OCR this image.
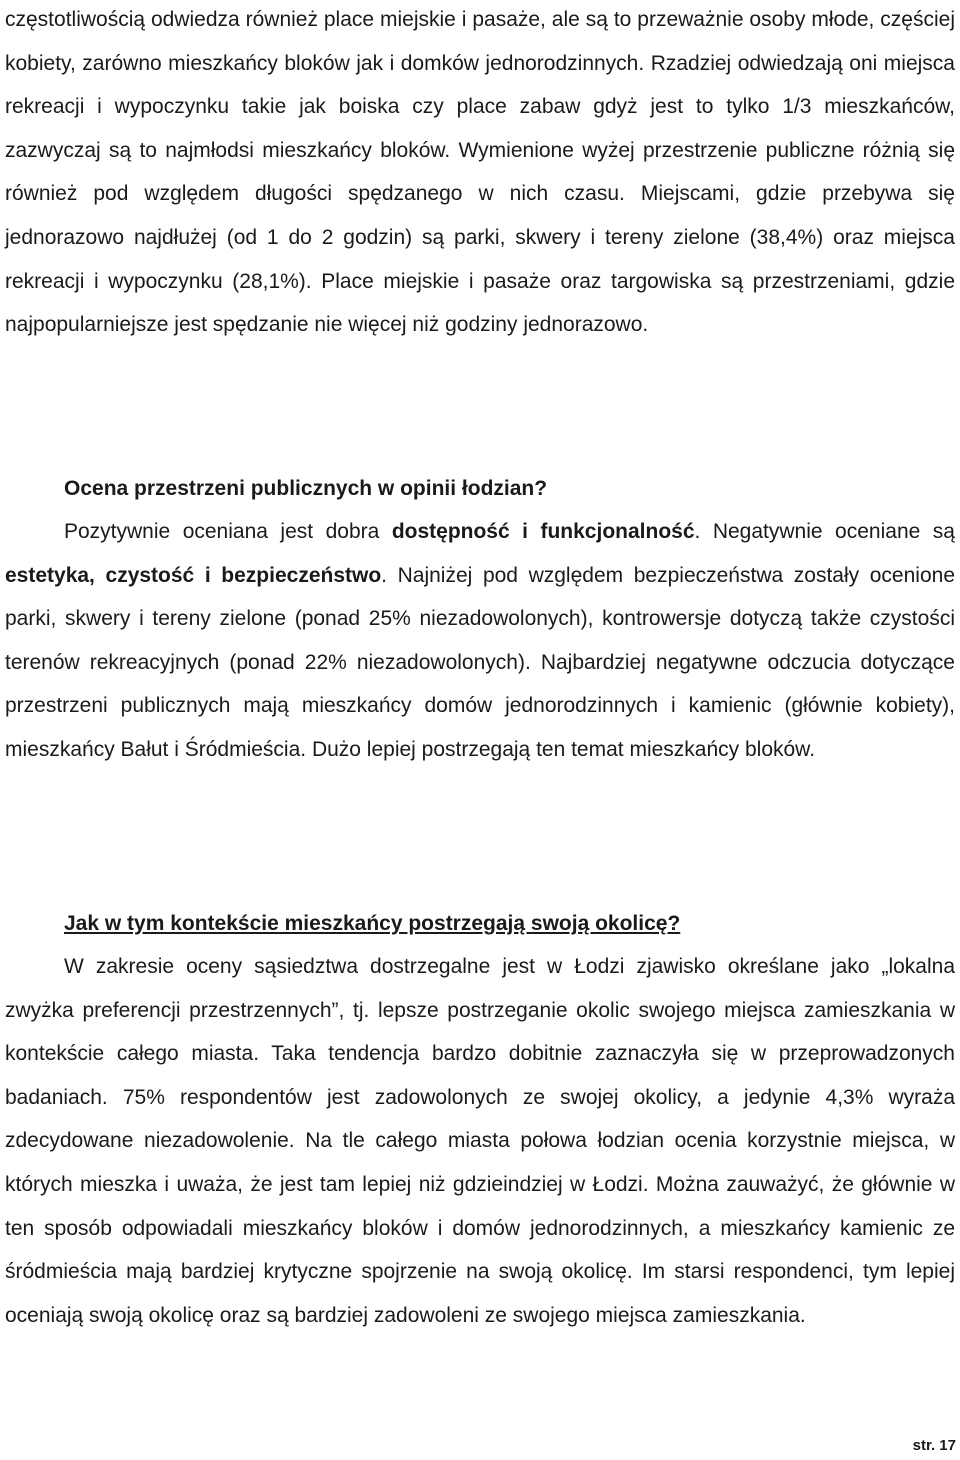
częstotliwością odwiedza również place miejskie i pasaże, ale są to przeważnie osoby młode, częściej kobiety, zarówno mieszkańcy bloków jak i domków jednorodzinnych. Rzadziej odwiedzają oni miejsca rekreacji i wypoczynku takie jak boiska czy place zabaw gdyż jest to tylko 1/3 mieszkańców, zazwyczaj są to najmłodsi mieszkańcy bloków. Wymienione wyżej przestrzenie publiczne różnią się również pod względem długości spędzanego w nich czasu. Miejscami, gdzie przebywa się jednorazowo najdłużej (od 1 do 2 godzin) są parki, skwery i tereny zielone (38,4%) oraz miejsca rekreacji i wypoczynku (28,1%). Place miejskie i pasaże oraz targowiska są przestrzeniami, gdzie najpopularniejsze jest spędzanie nie więcej niż godziny jednorazowo.

Ocena przestrzeni publicznych w opinii łodzian?

Pozytywnie oceniana jest dobra dostępność i funkcjonalność. Negatywnie oceniane są estetyka, czystość i bezpieczeństwo. Najniżej pod względem bezpieczeństwa zostały ocenione parki, skwery i tereny zielone (ponad 25% niezadowolonych), kontrowersje dotyczą także czystości terenów rekreacyjnych (ponad 22% niezadowolonych). Najbardziej negatywne odczucia dotyczące przestrzeni publicznych mają mieszkańcy domów jednorodzinnych i kamienic (głównie kobiety), mieszkańcy Bałut i Śródmieścia. Dużo lepiej postrzegają ten temat mieszkańcy bloków.

Jak w tym kontekście mieszkańcy postrzegają swoją okolicę?

W zakresie oceny sąsiedztwa dostrzegalne jest w Łodzi zjawisko określane jako „lokalna zwyżka preferencji przestrzennych”, tj. lepsze postrzeganie okolic swojego miejsca zamieszkania w kontekście całego miasta. Taka tendencja bardzo dobitnie zaznaczyła się w przeprowadzonych badaniach. 75% respondentów jest zadowolonych ze swojej okolicy, a jedynie 4,3% wyraża zdecydowane niezadowolenie. Na tle całego miasta połowa łodzian ocenia korzystnie miejsca, w których mieszka i uważa, że jest tam lepiej niż gdzieindziej w Łodzi. Można zauważyć, że głównie w ten sposób odpowiadali mieszkańcy bloków i domów jednorodzinnych, a mieszkańcy kamienic ze śródmieścia mają bardziej krytyczne spojrzenie na swoją okolicę. Im starsi respondenci, tym lepiej oceniają swoją okolicę oraz są bardziej zadowoleni ze swojego miejsca zamieszkania.

str. 17
